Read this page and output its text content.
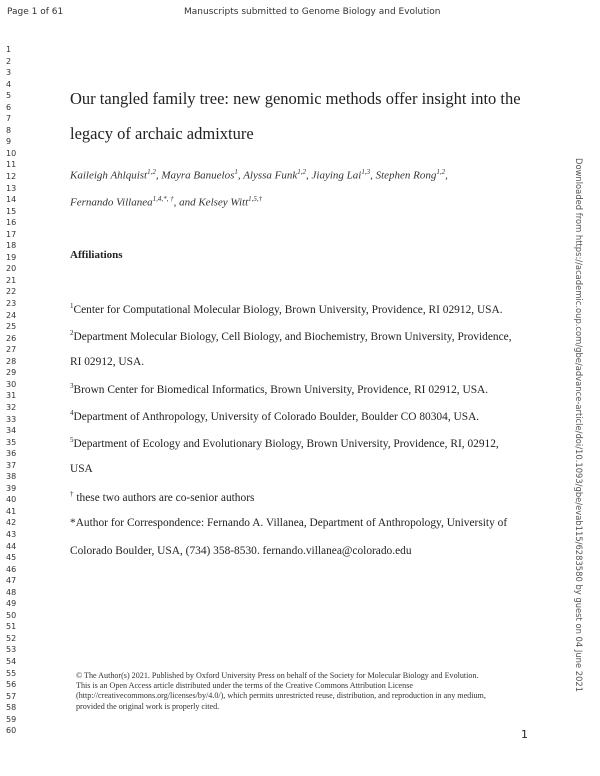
Page 1 of 61	Manuscripts submitted to Genome Biology and Evolution
1
2
3
4
5
6
7
8
9
10
11
12
13
14
15
16
17
18
19
20
21
22
23
24
25
26
27
28
29
30
31
32
33
34
35
36
37
38
39
40
41
42
43
44
45
46
47
48
49
50
51
52
53
54
55
56
57
58
59
60
Our tangled family tree: new genomic methods offer insight into the
legacy of archaic admixture
Kaileigh Ahlquist$^{1,2}$, Mayra Banuelos$^1$, Alyssa Funk$^{1,2}$, Jiaying Lai$^{1,3}$, Stephen Rong$^{1,2}$,
Fernando Villanea$^{1,4,*, \dagger}$, and Kelsey Witt$^{1,5,\dagger}$
Affiliations
$^1$Center for Computational Molecular Biology, Brown University, Providence, RI 02912, USA.
$^2$Department Molecular Biology, Cell Biology, and Biochemistry, Brown University, Providence,
RI 02912, USA.
$^3$Brown Center for Biomedical Informatics, Brown University, Providence, RI 02912, USA.
$^4$Department of Anthropology, University of Colorado Boulder, Boulder CO 80304, USA.
$^5$Department of Ecology and Evolutionary Biology, Brown University, Providence, RI, 02912,
USA
† these two authors are co-senior authors
*Author for Correspondence: Fernando A. Villanea, Department of Anthropology, University of
Colorado Boulder, USA, (734) 358-8530. fernando.villanea@colorado.edu
© The Author(s) 2021. Published by Oxford University Press on behalf of the Society for Molecular Biology and Evolution.
This is an Open Access article distributed under the terms of the Creative Commons Attribution License
(http://creativecommons.org/licenses/by/4.0/), which permits unrestricted reuse, distribution, and reproduction in any medium,
provided the original work is properly cited.
1
Downloaded from https://academic.oup.com/gbe/advance-article/doi/10.1093/gbe/evab115/6283580 by guest on 04 June 2021
